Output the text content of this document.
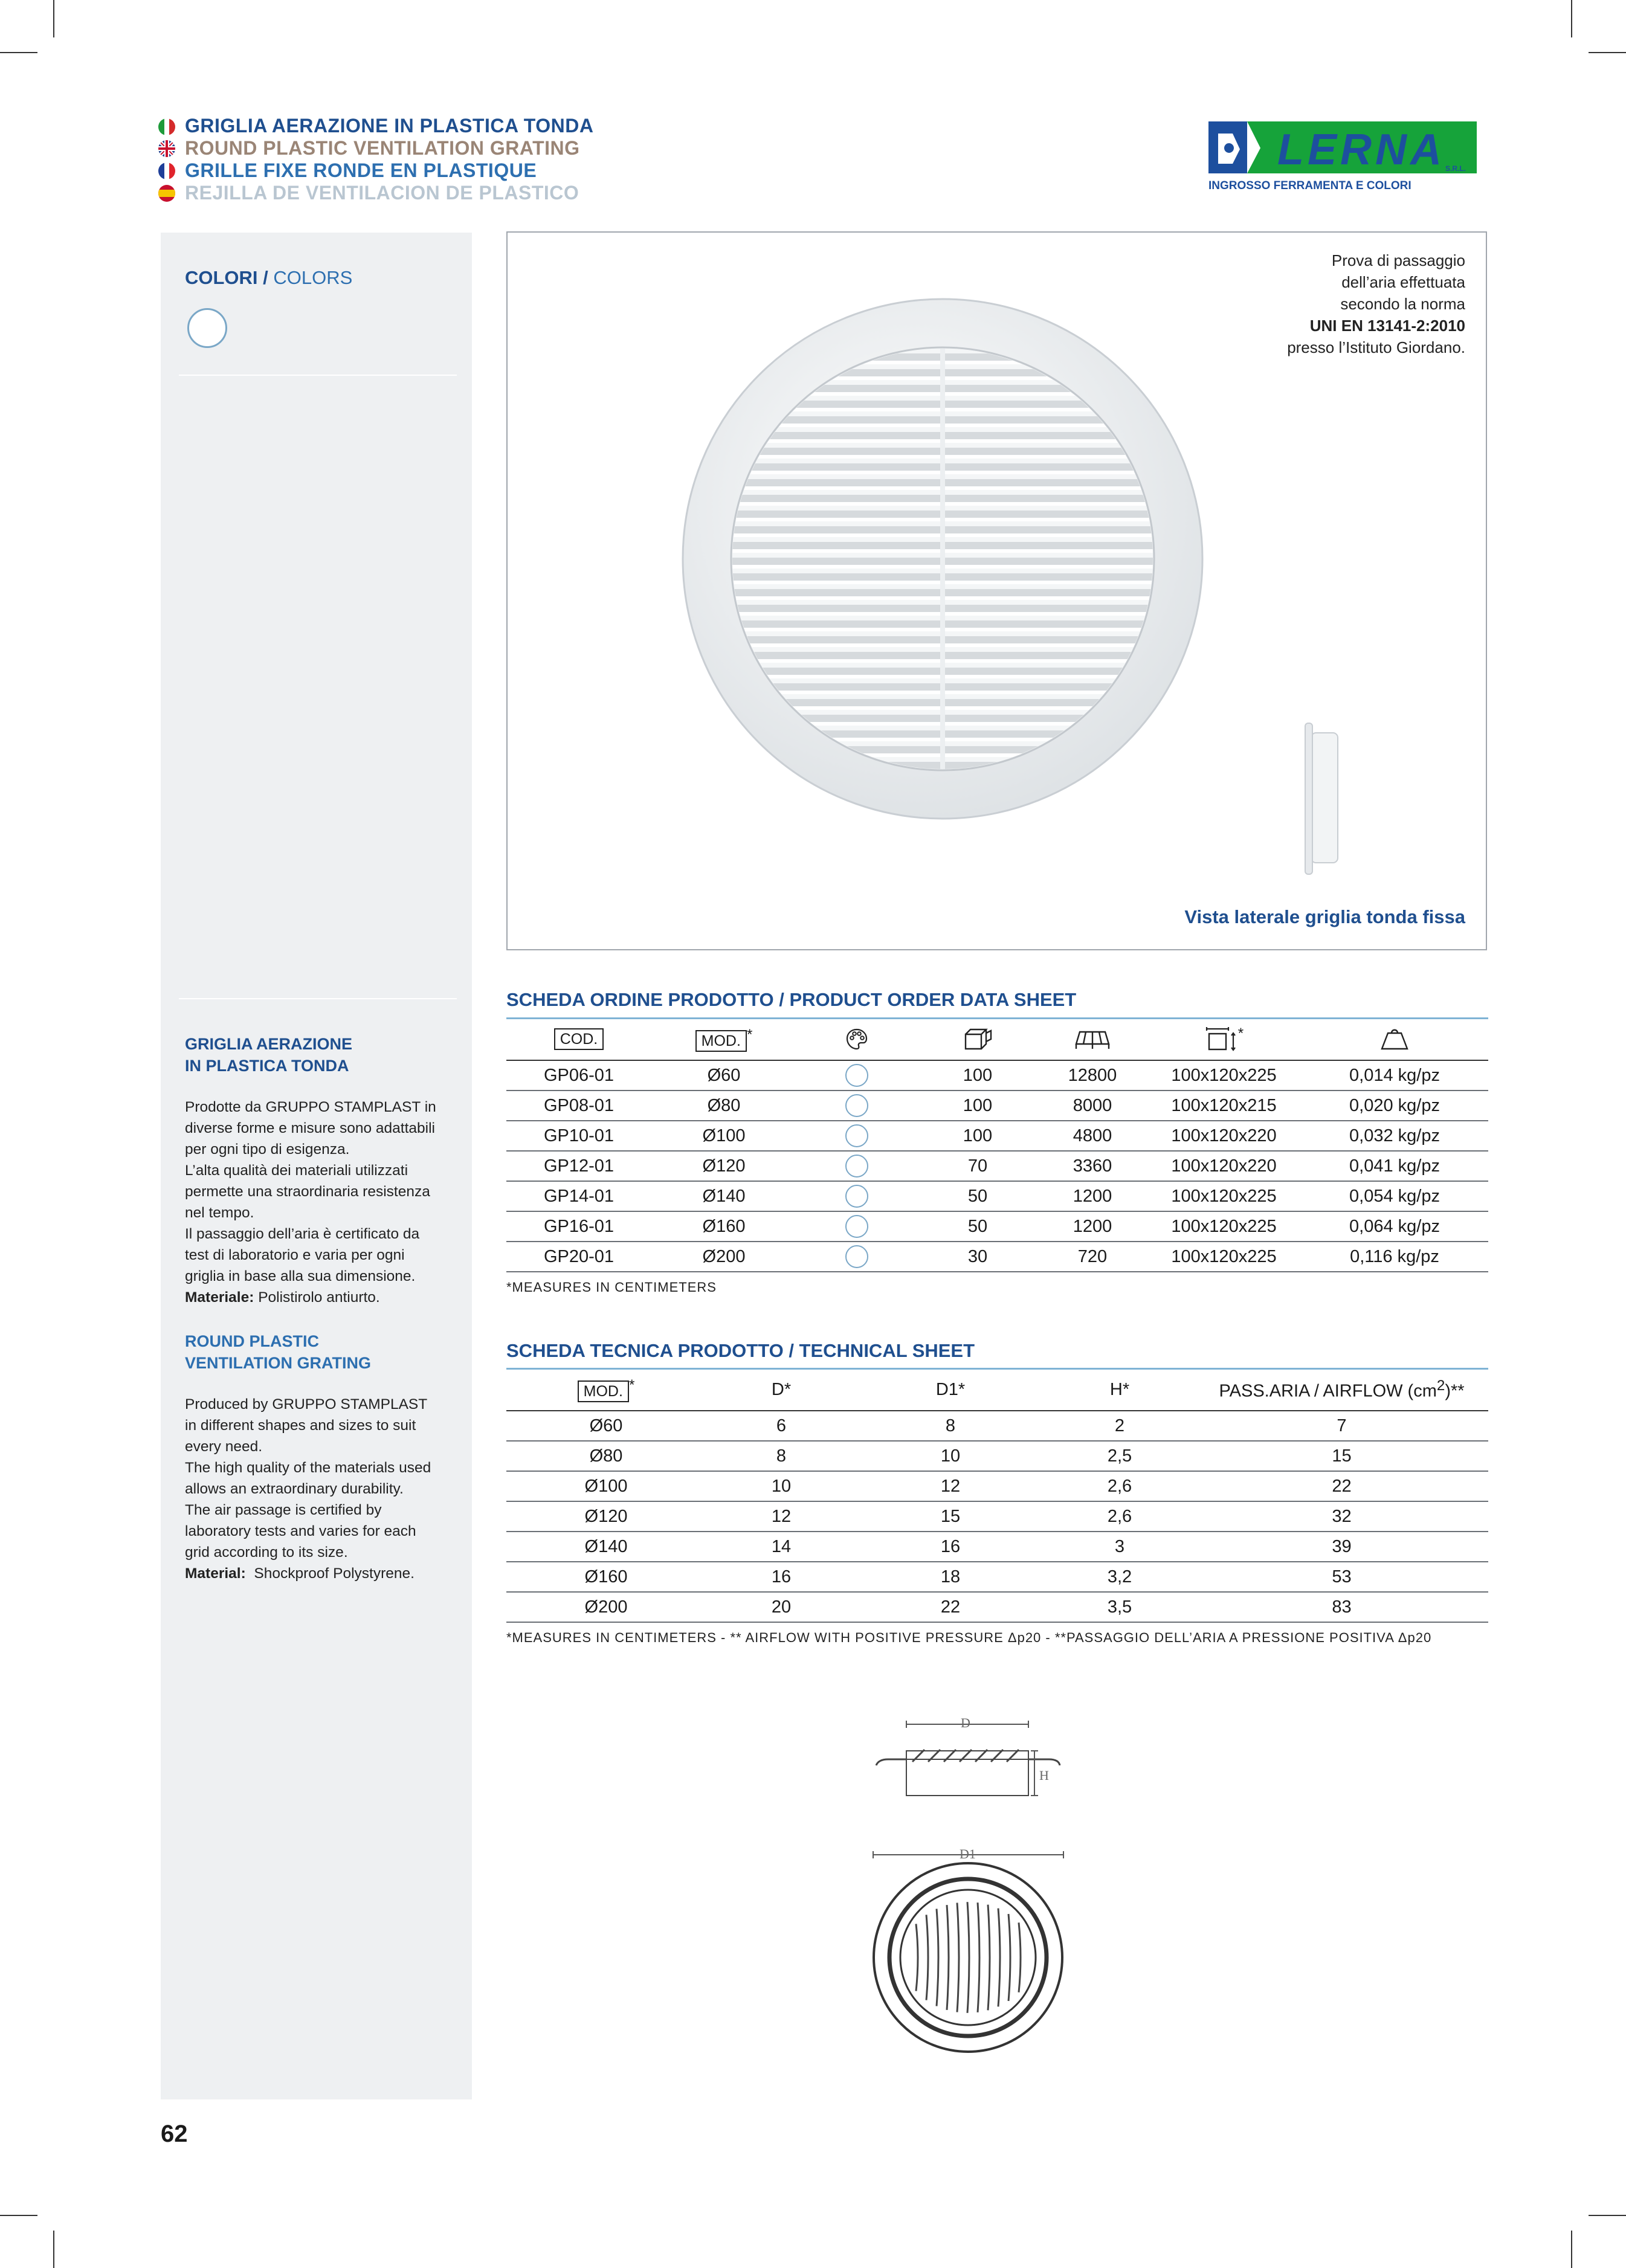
GRIGLIA AERAZIONE IN PLASTICA TONDA
ROUND PLASTIC VENTILATION GRATING
GRILLE FIXE RONDE EN PLASTIQUE
REJILLA DE VENTILACION DE PLASTICO
LERNA S.R.L.
INGROSSO FERRAMENTA E COLORI
COLORI / COLORS
GRIGLIA AERAZIONE
IN PLASTICA TONDA
Prodotte da GRUPPO STAMPLAST in
diverse forme e misure sono adattabili
per ogni tipo di esigenza.
L’alta qualità dei materiali utilizzati
permette una straordinaria resistenza
nel tempo.
Il passaggio dell’aria è certificato da
test di laboratorio e varia per ogni
griglia in base alla sua dimensione.
Materiale: Polistirolo antiurto.
ROUND PLASTIC
VENTILATION GRATING
Produced by GRUPPO STAMPLAST
in different shapes and sizes to suit
every need.
The high quality of the materials used
allows an extraordinary durability.
The air passage is certified by
laboratory tests and varies for each
grid according to its size.
Material:  Shockproof Polystyrene.
Prova di passaggio
dell’aria effettuata
secondo la norma
UNI EN 13141-2:2010
presso l’Istituto Giordano.
Vista laterale griglia tonda fissa
SCHEDA ORDINE PRODOTTO / PRODUCT ORDER DATA SHEET
COD.	MOD. *				*	
GP06-01	Ø60		100	12800	100x120x225	0,014 kg/pz
GP08-01	Ø80		100	8000	100x120x215	0,020 kg/pz
GP10-01	Ø100		100	4800	100x120x220	0,032 kg/pz
GP12-01	Ø120		70	3360	100x120x220	0,041 kg/pz
GP14-01	Ø140		50	1200	100x120x225	0,054 kg/pz
GP16-01	Ø160		50	1200	100x120x225	0,064 kg/pz
GP20-01	Ø200		30	720	100x120x225	0,116 kg/pz
*MEASURES IN CENTIMETERS
SCHEDA TECNICA PRODOTTO / TECHNICAL SHEET
MOD. *	D*	D1*	H*	PASS.ARIA / AIRFLOW $(cm^2)**$
Ø60	6	8	2	7
Ø80	8	10	2,5	15
Ø100	10	12	2,6	22
Ø120	12	15	2,6	32
Ø140	14	16	3	39
Ø160	16	18	3,2	53
Ø200	20	22	3,5	83
*MEASURES IN CENTIMETERS - ** AIRFLOW WITH POSITIVE PRESSURE Δp20 - **PASSAGGIO DELL’ARIA A PRESSIONE POSITIVA Δp20
D
H
D1
62
